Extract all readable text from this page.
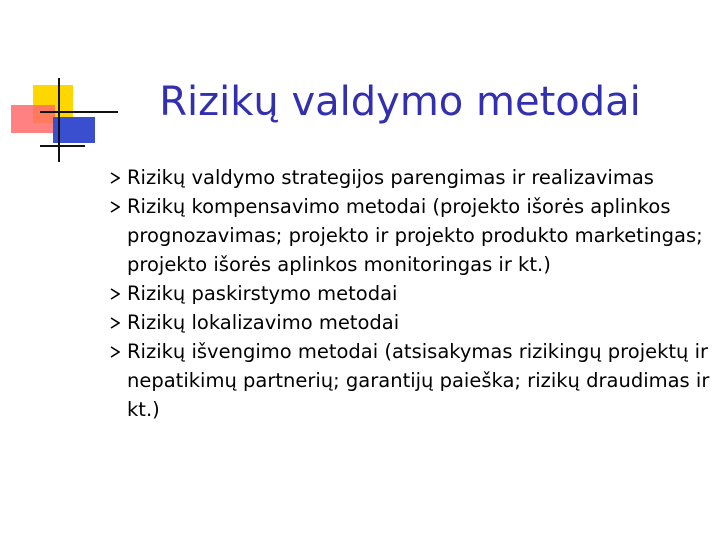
Rizikų valdymo metodai
Rizikų valdymo strategijos parengimas ir realizavimas
Rizikų kompensavimo metodai (projekto išorės aplinkos prognozavimas; projekto ir projekto produkto marketingas; projekto išorės aplinkos monitoringas ir kt.)
Rizikų paskirstymo metodai
Rizikų lokalizavimo metodai
Rizikų išvengimo metodai (atsisakymas rizikingų projektų ir nepatikimų partnerių; garantijų paieška; rizikų draudimas ir kt.)
